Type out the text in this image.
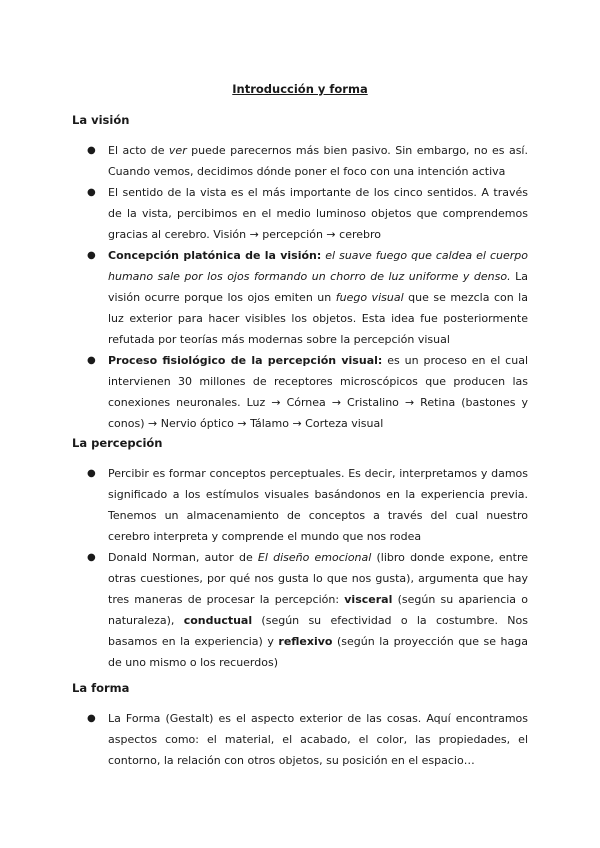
Introducción y forma
La visión
● El acto de ver puede parecernos más bien pasivo. Sin embargo, no es así. Cuando vemos, decidimos dónde poner el foco con una intención activa
● El sentido de la vista es el más importante de los cinco sentidos. A través de la vista, percibimos en el medio luminoso objetos que comprendemos gracias al cerebro. Visión → percepción → cerebro
● Concepción platónica de la visión: el suave fuego que caldea el cuerpo humano sale por los ojos formando un chorro de luz uniforme y denso. La visión ocurre porque los ojos emiten un fuego visual que se mezcla con la luz exterior para hacer visibles los objetos. Esta idea fue posteriormente refutada por teorías más modernas sobre la percepción visual
● Proceso fisiológico de la percepción visual: es un proceso en el cual intervienen 30 millones de receptores microscópicos que producen las conexiones neuronales. Luz → Córnea → Cristalino → Retina (bastones y conos) → Nervio óptico → Tálamo → Corteza visual
La percepción
● Percibir es formar conceptos perceptuales. Es decir, interpretamos y damos significado a los estímulos visuales basándonos en la experiencia previa. Tenemos un almacenamiento de conceptos a través del cual nuestro cerebro interpreta y comprende el mundo que nos rodea
● Donald Norman, autor de El diseño emocional (libro donde expone, entre otras cuestiones, por qué nos gusta lo que nos gusta), argumenta que hay tres maneras de procesar la percepción: visceral (según su apariencia o naturaleza), conductual (según su efectividad o la costumbre. Nos basamos en la experiencia) y reflexivo (según la proyección que se haga de uno mismo o los recuerdos)
La forma
● La Forma (Gestalt) es el aspecto exterior de las cosas. Aquí encontramos aspectos como: el material, el acabado, el color, las propiedades, el contorno, la relación con otros objetos, su posición en el espacio…
